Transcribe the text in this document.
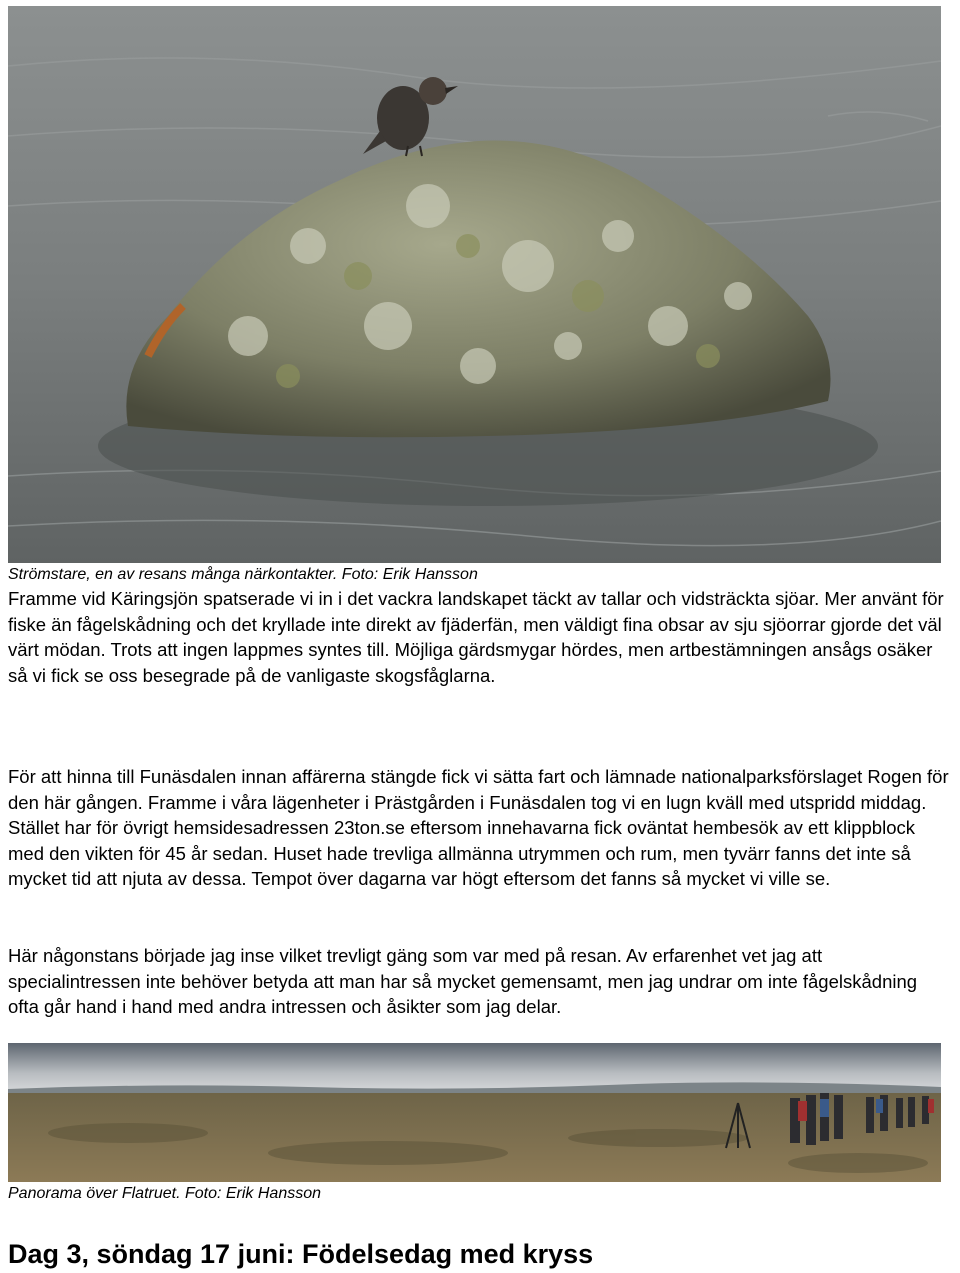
Strömstare, en av resans många närkontakter. Foto: Erik Hansson

Framme vid Käringsjön spatserade vi in i det vackra landskapet täckt av tallar och vidsträckta sjöar. Mer använt för fiske än fågelskådning och det kryllade inte direkt av fjäderfän, men väldigt fina obsar av sju sjöorrar gjorde det väl värt mödan. Trots att ingen lappmes syntes till. Möjliga gärdsmygar hördes, men artbestämningen ansågs osäker så vi fick se oss besegrade på de vanligaste skogsfåglarna.

För att hinna till Funäsdalen innan affärerna stängde fick vi sätta fart och lämnade nationalparksförslaget Rogen för den här gången. Framme i våra lägenheter i Prästgården i Funäsdalen tog vi en lugn kväll med utspridd middag. Stället har för övrigt hemsidesadressen 23ton.se eftersom innehavarna fick oväntat hembesök av ett klippblock med den vikten för 45 år sedan. Huset hade trevliga allmänna utrymmen och rum, men tyvärr fanns det inte så mycket tid att njuta av dessa. Tempot över dagarna var högt eftersom det fanns så mycket vi ville se.

Här någonstans började jag inse vilket trevligt gäng som var med på resan. Av erfarenhet vet jag att specialintressen inte behöver betyda att man har så mycket gemensamt, men jag undrar om inte fågelskådning ofta går hand i hand med andra intressen och åsikter som jag delar.

Panorama över Flatruet. Foto: Erik Hansson
Dag 3, söndag 17 juni: Födelsedag med kryss
